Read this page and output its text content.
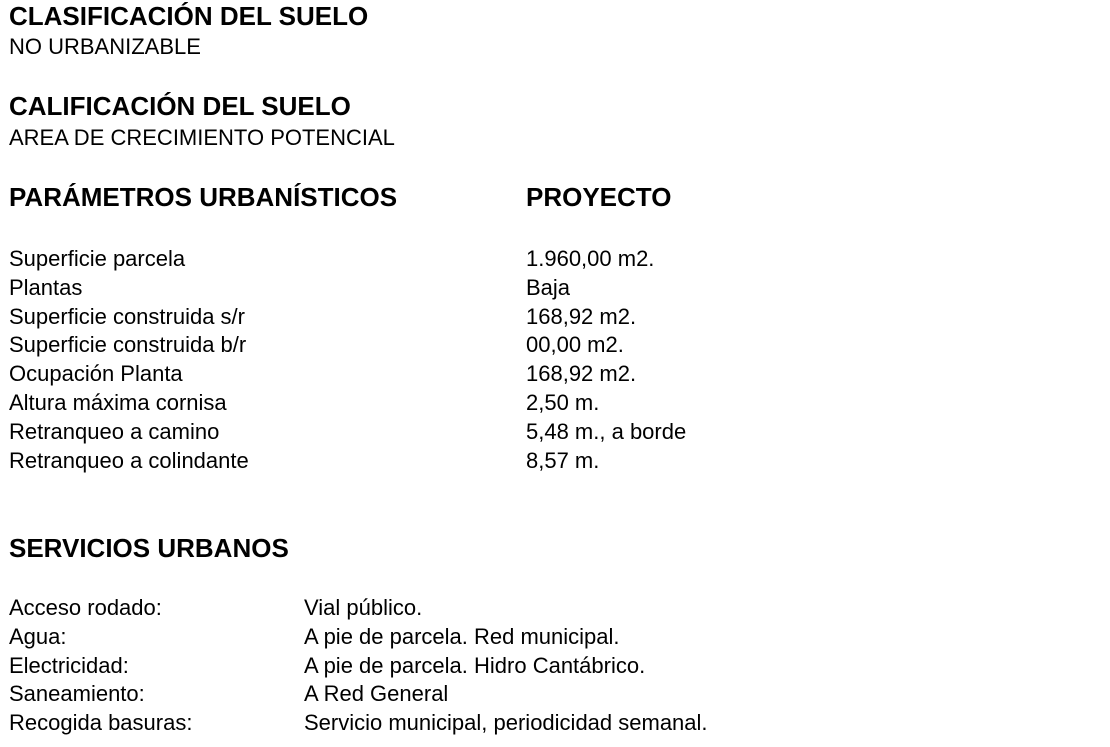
CLASIFICACIÓN DEL SUELO
NO URBANIZABLE
CALIFICACIÓN DEL SUELO
AREA DE CRECIMIENTO POTENCIAL
PARÁMETROS URBANÍSTICOS	PROYECTO
Superficie parcela	1.960,00 m2.
Plantas	Baja
Superficie construida s/r	168,92 m2.
Superficie construida b/r	00,00 m2.
Ocupación Planta	168,92 m2.
Altura máxima cornisa	2,50 m.
Retranqueo a camino	5,48 m., a borde
Retranqueo a colindante	8,57 m.
SERVICIOS URBANOS
Acceso rodado:	Vial público.
Agua:	A pie de parcela. Red municipal.
Electricidad:	A pie de parcela. Hidro Cantábrico.
Saneamiento:	A Red General
Recogida basuras:	Servicio municipal, periodicidad semanal.
